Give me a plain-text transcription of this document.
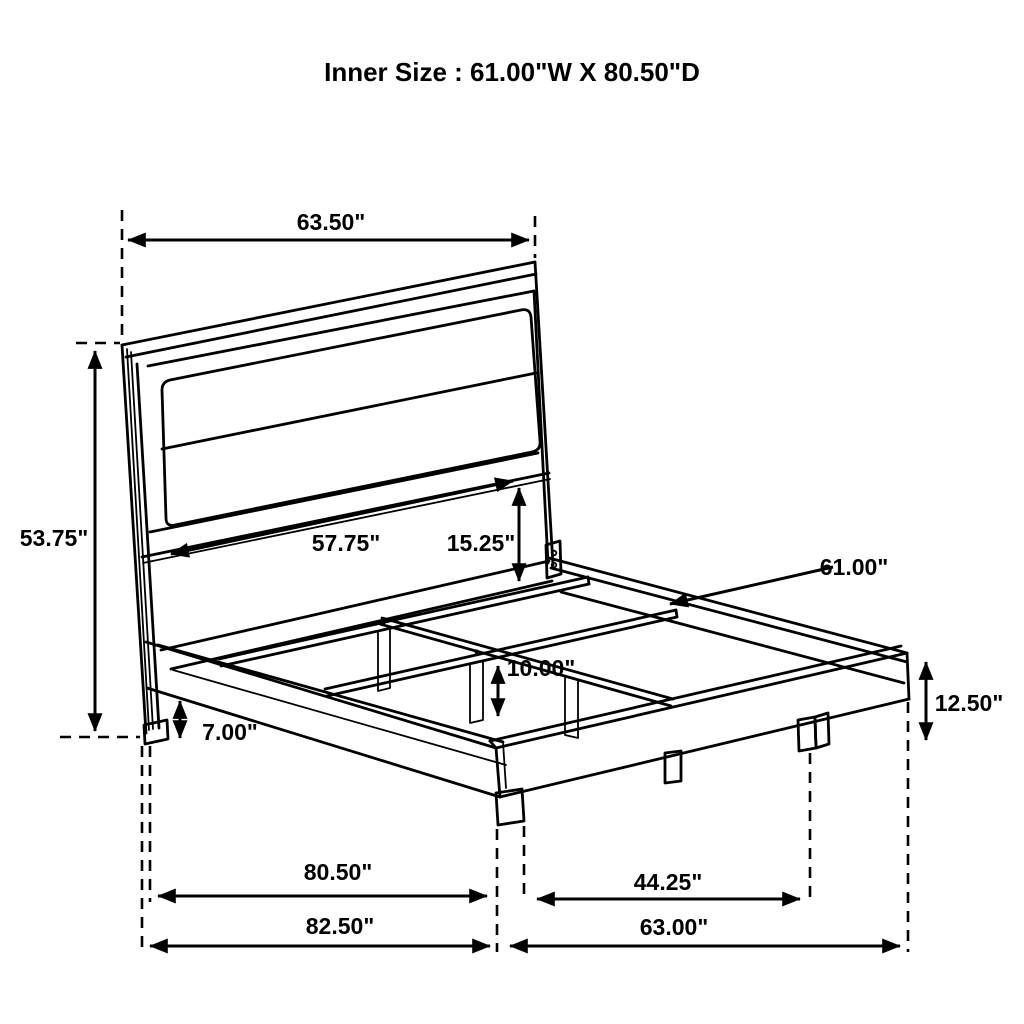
Inner Size : 61.00"W X 80.50"D
63.50"
53.75"	57.75"	15.25"
61.00"
10.00"
7.00"
12.50"
80.50"	44.25"
82.50"	63.00"
